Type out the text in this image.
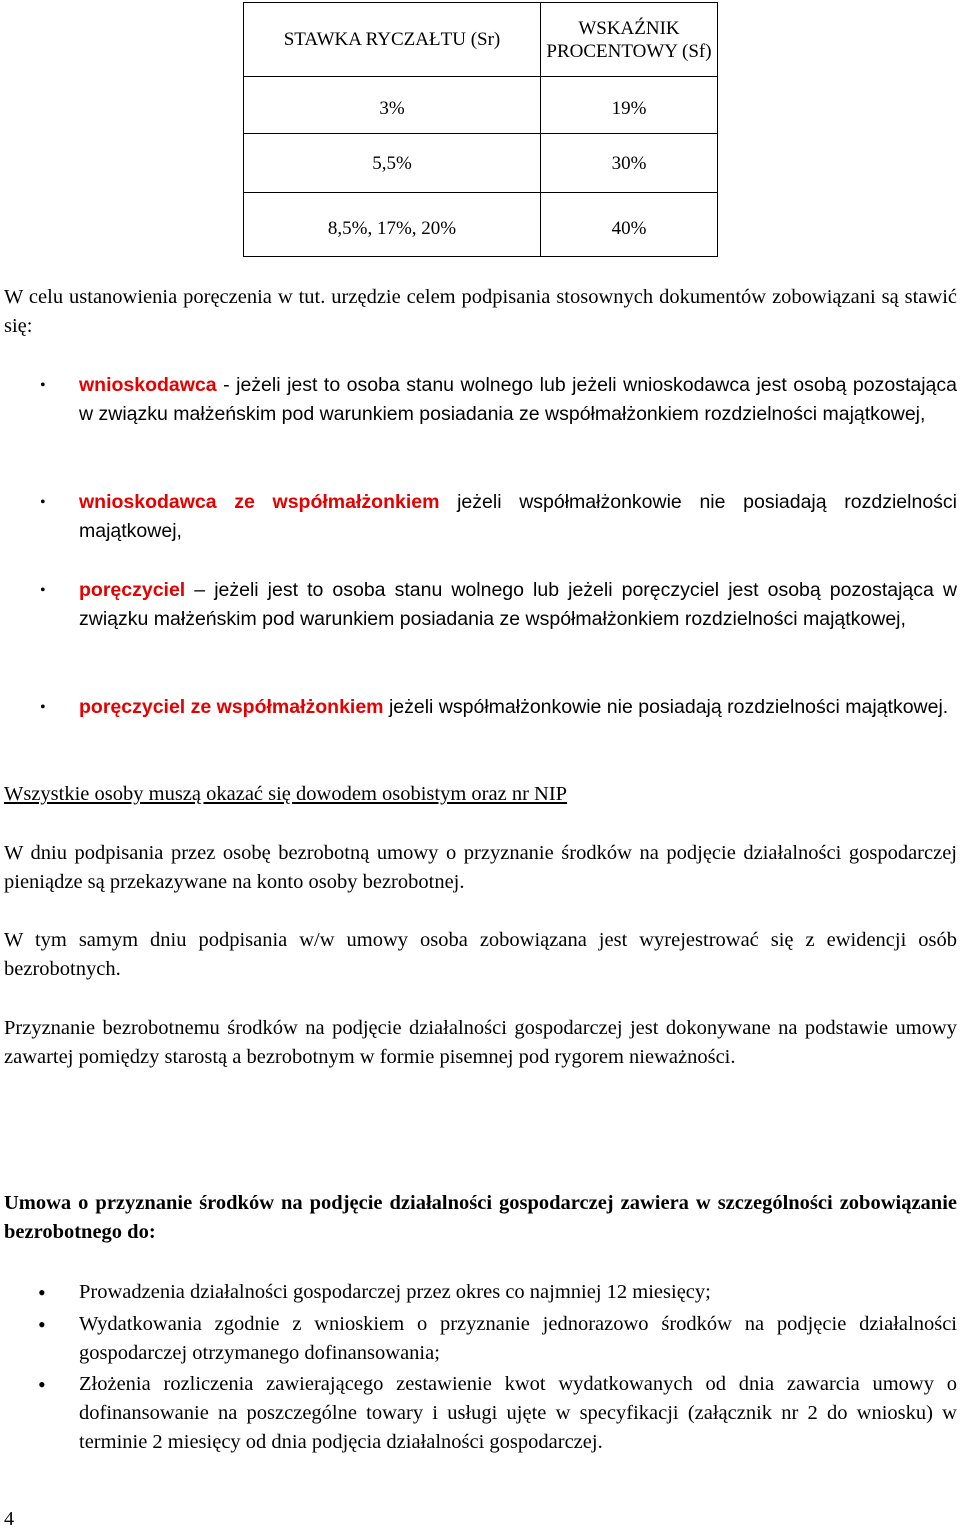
STAWKA RYCZAŁTU (Sr)	WSKAŹNIK PROCENTOWY (Sf)
3%	19%
5,5%	30%
8,5%, 17%, 20%	40%
W celu ustanowienia poręczenia w tut. urzędzie celem podpisania stosownych dokumentów zobowiązani są stawić się:
• wnioskodawca - jeżeli jest to osoba stanu wolnego lub jeżeli wnioskodawca jest osobą pozostająca w związku małżeńskim pod warunkiem posiadania ze współmałżonkiem rozdzielności majątkowej,
• wnioskodawca ze współmałżonkiem jeżeli współmałżonkowie nie posiadają rozdzielności majątkowej,
• poręczyciel – jeżeli jest to osoba stanu wolnego lub jeżeli poręczyciel jest osobą pozostająca w związku małżeńskim pod warunkiem posiadania ze współmałżonkiem rozdzielności majątkowej,
• poręczyciel ze współmałżonkiem jeżeli współmałżonkowie nie posiadają rozdzielności majątkowej.
Wszystkie osoby muszą okazać się dowodem osobistym oraz nr NIP
W dniu podpisania przez osobę bezrobotną umowy o przyznanie środków na podjęcie działalności gospodarczej pieniądze są przekazywane na konto osoby bezrobotnej.
W tym samym dniu podpisania w/w umowy osoba zobowiązana jest wyrejestrować się z ewidencji osób bezrobotnych.
Przyznanie bezrobotnemu środków na podjęcie działalności gospodarczej jest dokonywane na podstawie umowy zawartej pomiędzy starostą a bezrobotnym w formie pisemnej pod rygorem nieważności.
Umowa o przyznanie środków na podjęcie działalności gospodarczej zawiera w szczególności zobowiązanie bezrobotnego do:
• Prowadzenia działalności gospodarczej przez okres co najmniej 12 miesięcy;
• Wydatkowania zgodnie z wnioskiem o przyznanie jednorazowo środków na podjęcie działalności gospodarczej otrzymanego dofinansowania;
• Złożenia rozliczenia zawierającego zestawienie kwot wydatkowanych od dnia zawarcia umowy o dofinansowanie na poszczególne towary i usługi ujęte w specyfikacji (załącznik nr 2 do wniosku) w terminie 2 miesięcy od dnia podjęcia działalności gospodarczej.
4
